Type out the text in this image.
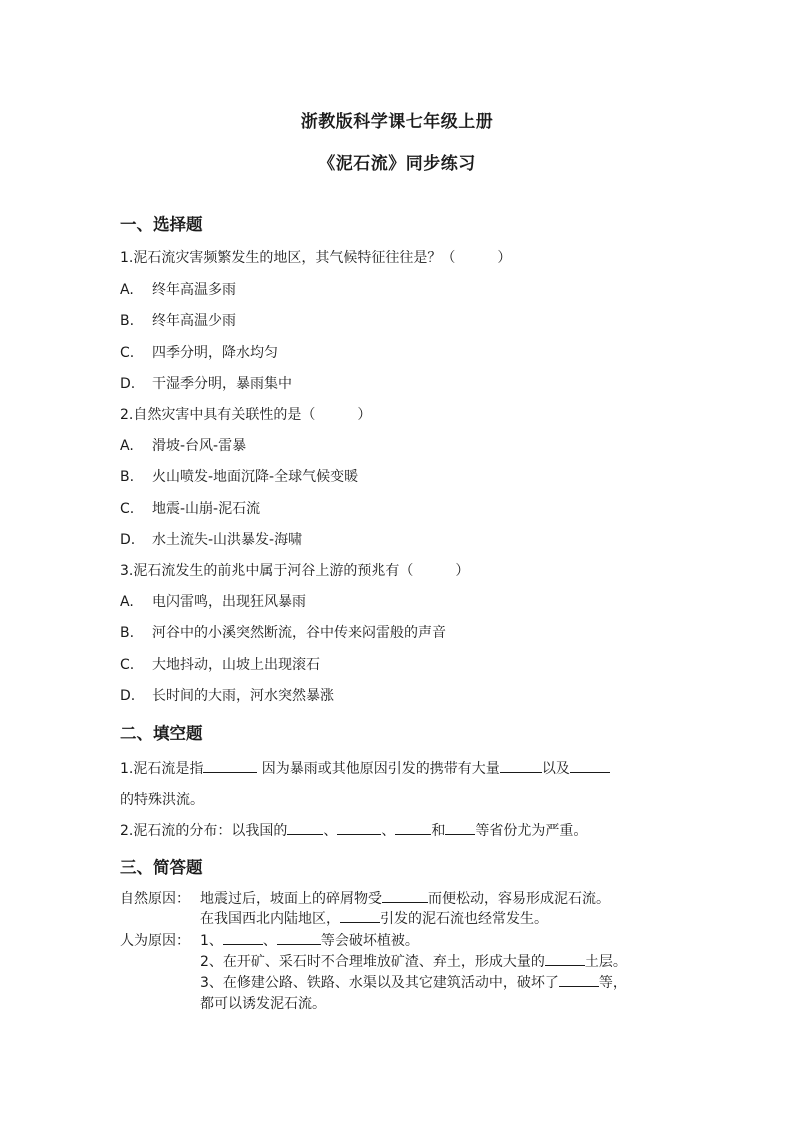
浙教版科学课七年级上册
《泥石流》同步练习
一、选择题
1.泥石流灾害频繁发生的地区，其气候特征往往是？（　　　）
A. 终年高温多雨
B. 终年高温少雨
C. 四季分明，降水均匀
D. 干湿季分明，暴雨集中
2.自然灾害中具有关联性的是（　　　）
A. 滑坡-台风-雷暴
B. 火山喷发-地面沉降-全球气候变暖
C. 地震-山崩-泥石流
D. 水土流失-山洪暴发-海啸
3.泥石流发生的前兆中属于河谷上游的预兆有（　　　）
A. 电闪雷鸣，出现狂风暴雨
B. 河谷中的小溪突然断流，谷中传来闷雷般的声音
C. 大地抖动，山坡上出现滚石
D. 长时间的大雨，河水突然暴涨
二、填空题
1.泥石流是指	因为暴雨或其他原因引发的携带有大量	以及
的特殊洪流。
2.泥石流的分布：以我国的	、	、	和 等省份尤为严重。
三、简答题
自然原因： 地震过后，坡面上的碎屑物受	而便松动，容易形成泥石流。
在我国西北内陆地区，	引发的泥石流也经常发生。
人为原因： 1、	、	等会破坏植被。
2、在开矿、采石时不合理堆放矿渣、弃土，形成大量的	土层。
3、在修建公路、铁路、水渠以及其它建筑活动中，破坏了	等，
都可以诱发泥石流。
